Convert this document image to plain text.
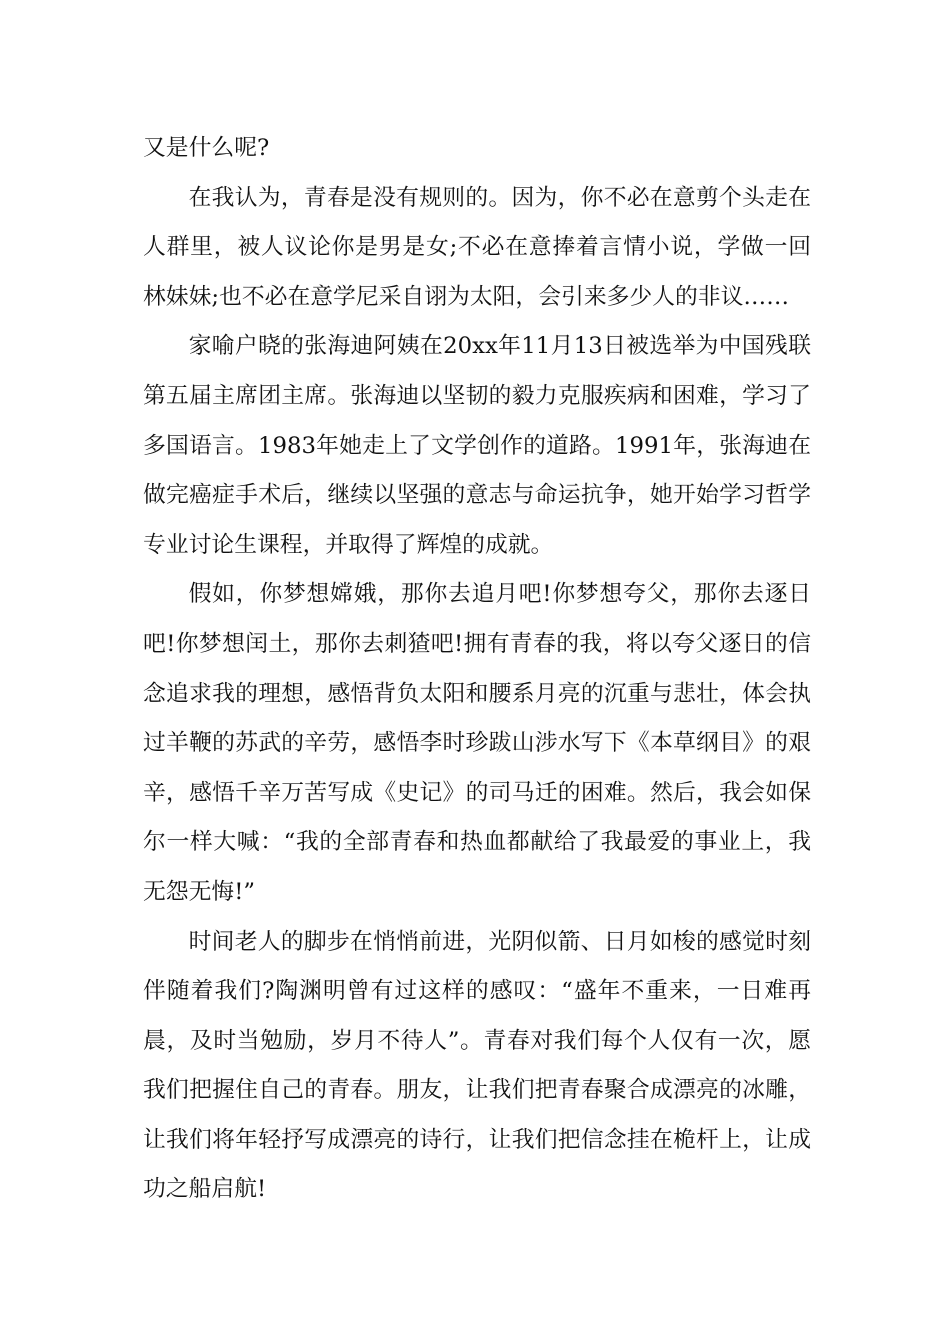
又是什么呢?

在我认为，青春是没有规则的。因为，你不必在意剪个头走在人群里，被人议论你是男是女;不必在意捧着言情小说，学做一回林妹妹;也不必在意学尼采自诩为太阳，会引来多少人的非议……

家喻户晓的张海迪阿姨在20xx年11月13日被选举为中国残联第五届主席团主席。张海迪以坚韧的毅力克服疾病和困难，学习了多国语言。1983年她走上了文学创作的道路。1991年，张海迪在做完癌症手术后，继续以坚强的意志与命运抗争，她开始学习哲学专业讨论生课程，并取得了辉煌的成就。

假如，你梦想嫦娥，那你去追月吧!你梦想夸父，那你去逐日吧!你梦想闰土，那你去刺猹吧!拥有青春的我，将以夸父逐日的信念追求我的理想，感悟背负太阳和腰系月亮的沉重与悲壮，体会执过羊鞭的苏武的辛劳，感悟李时珍跋山涉水写下《本草纲目》的艰辛，感悟千辛万苦写成《史记》的司马迁的困难。然后，我会如保尔一样大喊：“我的全部青春和热血都献给了我最爱的事业上，我无怨无悔!”

时间老人的脚步在悄悄前进，光阴似箭、日月如梭的感觉时刻伴随着我们?陶渊明曾有过这样的感叹：“盛年不重来，一日难再晨，及时当勉励，岁月不待人”。青春对我们每个人仅有一次，愿我们把握住自己的青春。朋友，让我们把青春聚合成漂亮的冰雕，让我们将年轻抒写成漂亮的诗行，让我们把信念挂在桅杆上，让成功之船启航!
